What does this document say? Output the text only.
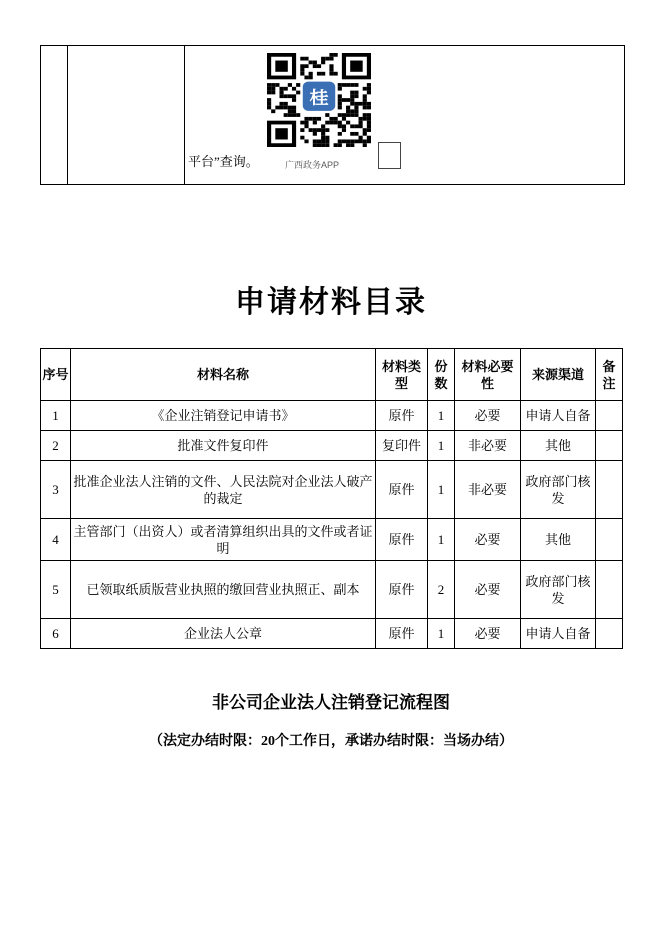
平台”查询。
桂
广西政务APP
申请材料目录
序号	材料名称	材料类型	份数	材料必要性	来源渠道	备注
1	《企业注销登记申请书》	原件	1	必要	申请人自备	
2	批准文件复印件	复印件	1	非必要	其他	
3	批准企业法人注销的文件、人民法院对企业法人破产的裁定	原件	1	非必要	政府部门核发	
4	主管部门（出资人）或者清算组织出具的文件或者证明	原件	1	必要	其他	
5	已领取纸质版营业执照的缴回营业执照正、副本	原件	2	必要	政府部门核发	
6	企业法人公章	原件	1	必要	申请人自备	
非公司企业法人注销登记流程图
（法定办结时限：20个工作日，承诺办结时限：当场办结）
